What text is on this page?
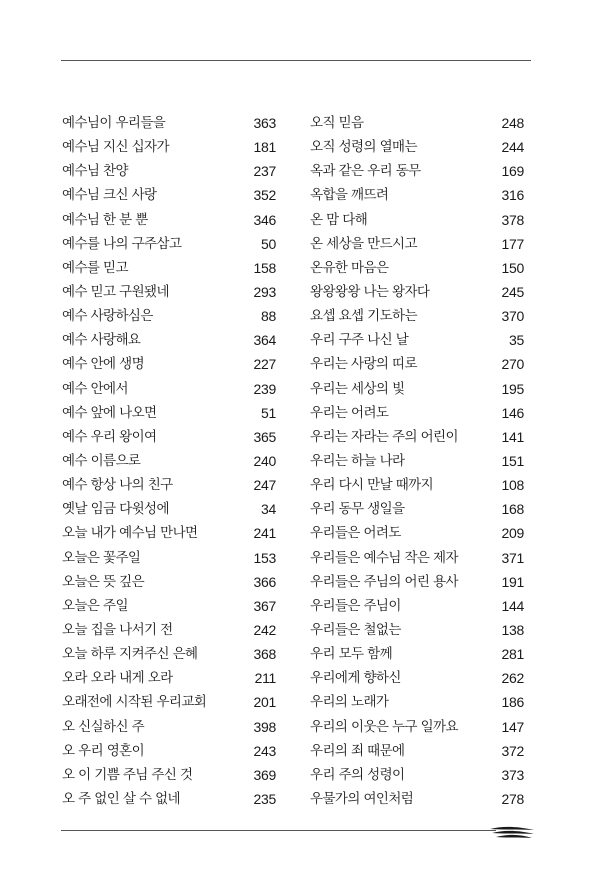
예수님이 우리들을	363
예수님 지신 십자가	181
예수님 찬양	237
예수님 크신 사랑	352
예수님 한 분 뿐	346
예수를 나의 구주삼고	50
예수를 믿고	158
예수 믿고 구원됐네	293
예수 사랑하심은	88
예수 사랑해요	364
예수 안에 생명	227
예수 안에서	239
예수 앞에 나오면	51
예수 우리 왕이여	365
예수 이름으로	240
예수 항상 나의 친구	247
옛날 임금 다윗성에	34
오늘 내가 예수님 만나면	241
오늘은 꽃주일	153
오늘은 뜻 깊은	366
오늘은 주일	367
오늘 집을 나서기 전	242
오늘 하루 지켜주신 은혜	368
오라 오라 내게 오라	211
오래전에 시작된 우리교회	201
오 신실하신 주	398
오 우리 영혼이	243
오 이 기쁨 주님 주신 것	369
오 주 없인 살 수 없네	235
오직 믿음	248
오직 성령의 열매는	244
옥과 같은 우리 동무	169
옥합을 깨뜨려	316
온 맘 다해	378
온 세상을 만드시고	177
온유한 마음은	150
왕왕왕왕 나는 왕자다	245
요셉 요셉 기도하는	370
우리 구주 나신 날	35
우리는 사랑의 띠로	270
우리는 세상의 빛	195
우리는 어려도	146
우리는 자라는 주의 어린이	141
우리는 하늘 나라	151
우리 다시 만날 때까지	108
우리 동무 생일을	168
우리들은 어려도	209
우리들은 예수님 작은 제자	371
우리들은 주님의 어린 용사	191
우리들은 주님이	144
우리들은 철없는	138
우리 모두 함께	281
우리에게 향하신	262
우리의 노래가	186
우리의 이웃은 누구 일까요	147
우리의 죄 때문에	372
우리 주의 성령이	373
우물가의 여인처럼	278
